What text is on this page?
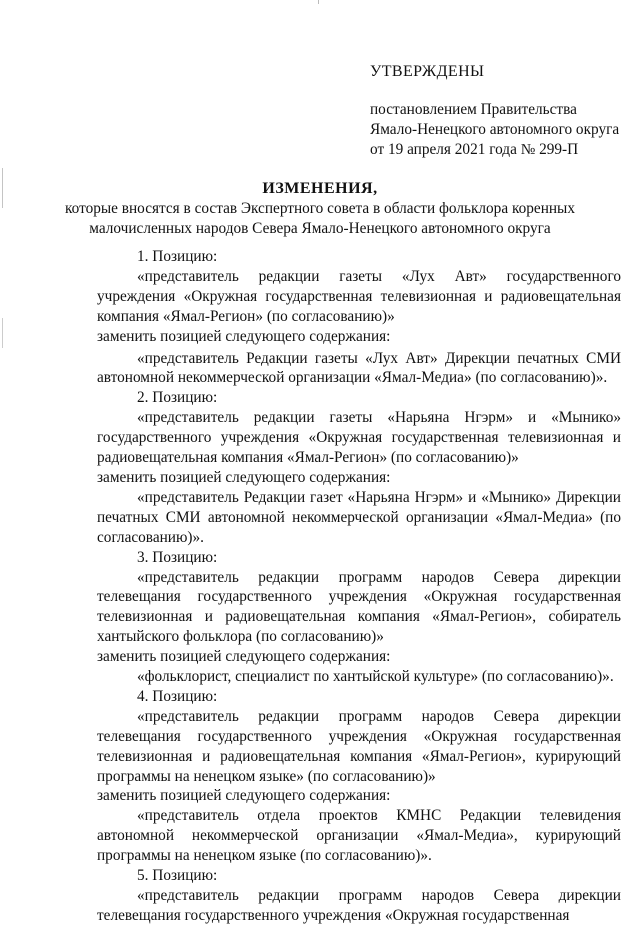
УТВЕРЖДЕНЫ
постановлением Правительства
Ямало-Ненецкого автономного округа
от 19 апреля 2021 года № 299-П
ИЗМЕНЕНИЯ,
которые вносятся в состав Экспертного совета в области фольклора коренных
малочисленных народов Севера Ямало-Ненецкого автономного округа

1. Позицию:

«представитель редакции газеты «Лух Авт» государственного учреждения «Окружная государственная телевизионная и радиовещательная компания «Ямал-Регион» (по согласованию)»

заменить позицией следующего содержания:

«представитель Редакции газеты «Лух Авт» Дирекции печатных СМИ автономной некоммерческой организации «Ямал-Медиа» (по согласованию)».

2. Позицию:

«представитель редакции газеты «Нарьяна Нгэрм» и «Мынико» государственного учреждения «Окружная государственная телевизионная и радиовещательная компания «Ямал-Регион» (по согласованию)»

заменить позицией следующего содержания:

«представитель Редакции газет «Нарьяна Нгэрм» и «Мынико» Дирекции печатных СМИ автономной некоммерческой организации «Ямал-Медиа» (по согласованию)».

3. Позицию:

«представитель редакции программ народов Севера дирекции телевещания государственного учреждения «Окружная государственная телевизионная и радиовещательная компания «Ямал-Регион», собиратель хантыйского фольклора (по согласованию)»

заменить позицией следующего содержания:

«фольклорист, специалист по хантыйской культуре» (по согласованию)».

4. Позицию:

«представитель редакции программ народов Севера дирекции телевещания государственного учреждения «Окружная государственная телевизионная и радиовещательная компания «Ямал-Регион», курирующий программы на ненецком языке» (по согласованию)»

заменить позицией следующего содержания:

«представитель отдела проектов КМНС Редакции телевидения автономной некоммерческой организации «Ямал-Медиа», курирующий программы на ненецком языке (по согласованию)».

5. Позицию:

«представитель редакции программ народов Севера дирекции телевещания государственного учреждения «Окружная государственная
